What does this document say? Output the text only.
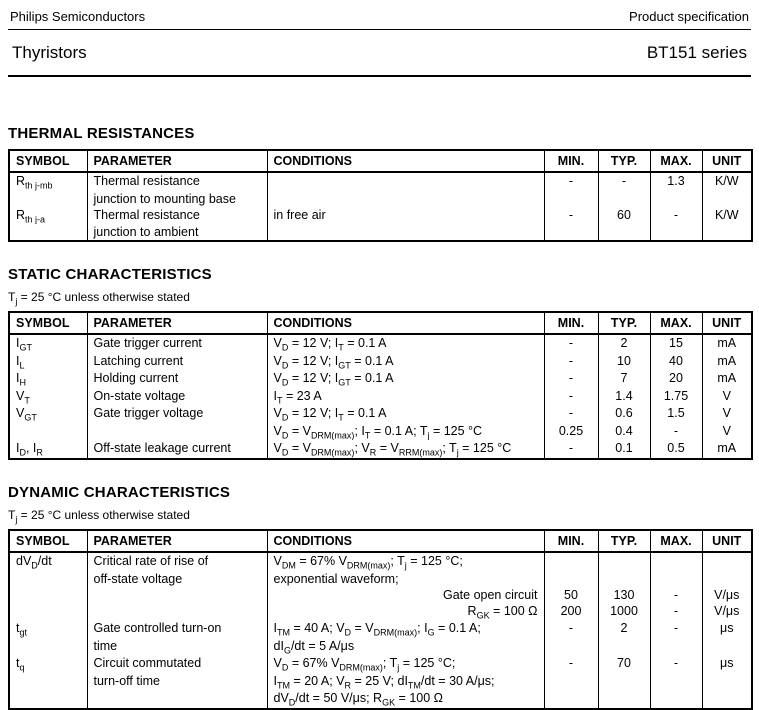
Philips Semiconductors	Product specification
Thyristors	BT151 series
THERMAL RESISTANCES
SYMBOL	PARAMETER	CONDITIONS	MIN.	TYP.	MAX.	UNIT
$R_{th j-mb}$	Thermal resistance		-	-	1.3	K/W
	junction to mounting base					
$R_{th j-a}$	Thermal resistance	in free air	-	60	-	K/W
	junction to ambient					
STATIC CHARACTERISTICS

$T_j = 25$ °C unless otherwise stated

SYMBOL	PARAMETER	CONDITIONS	MIN.	TYP.	MAX.	UNIT
$I_{GT}$	Gate trigger current	$V_D = 12$ V; $I_T = 0.1$ A	-	2	15	mA
$I_L$	Latching current	$V_D = 12$ V; $I_{GT} = 0.1$ A	-	10	40	mA
$I_H$	Holding current	$V_D = 12$ V; $I_{GT} = 0.1$ A	-	7	20	mA
$V_T$	On-state voltage	$I_T = 23$ A	-	1.4	1.75	V
$V_{GT}$	Gate trigger voltage	$V_D = 12$ V; $I_T = 0.1$ A	-	0.6	1.5	V
		$V_D = V_{DRM(max)}$; $I_T = 0.1$ A; $T_j = 125$ °C	0.25	0.4	-	V
$I_D$, $I_R$	Off-state leakage current	$V_D = V_{DRM(max)}$; $V_R = V_{RRM(max)}$; $T_j = 125$ °C	-	0.1	0.5	mA
DYNAMIC CHARACTERISTICS

$T_j = 25$ °C unless otherwise stated

SYMBOL	PARAMETER	CONDITIONS	MIN.	TYP.	MAX.	UNIT
$dV_D/dt$	Critical rate of rise of	$V_{DM} = 67\%$ $V_{DRM(max)}$; $T_j = 125$ °C;				
	off-state voltage	exponential waveform;				
		Gate open circuit	50	130	-	V/μs
		$R_{GK} = 100$ Ω	200	1000	-	V/μs
$t_{gt}$	Gate controlled turn-on	$I_{TM} = 40$ A; $V_D = V_{DRM(max)}$; $I_G = 0.1$ A;	-	2	-	μs
	time	$dI_G/dt = 5$ A/μs				
$t_q$	Circuit commutated	$V_D = 67\%$ $V_{DRM(max)}$; $T_j = 125$ °C;	-	70	-	μs
	turn-off time	$I_{TM} = 20$ A; $V_R = 25$ V; $dI_{TM}/dt = 30$ A/μs;				
		$dV_D/dt = 50$ V/μs; $R_{GK} = 100$ Ω				
